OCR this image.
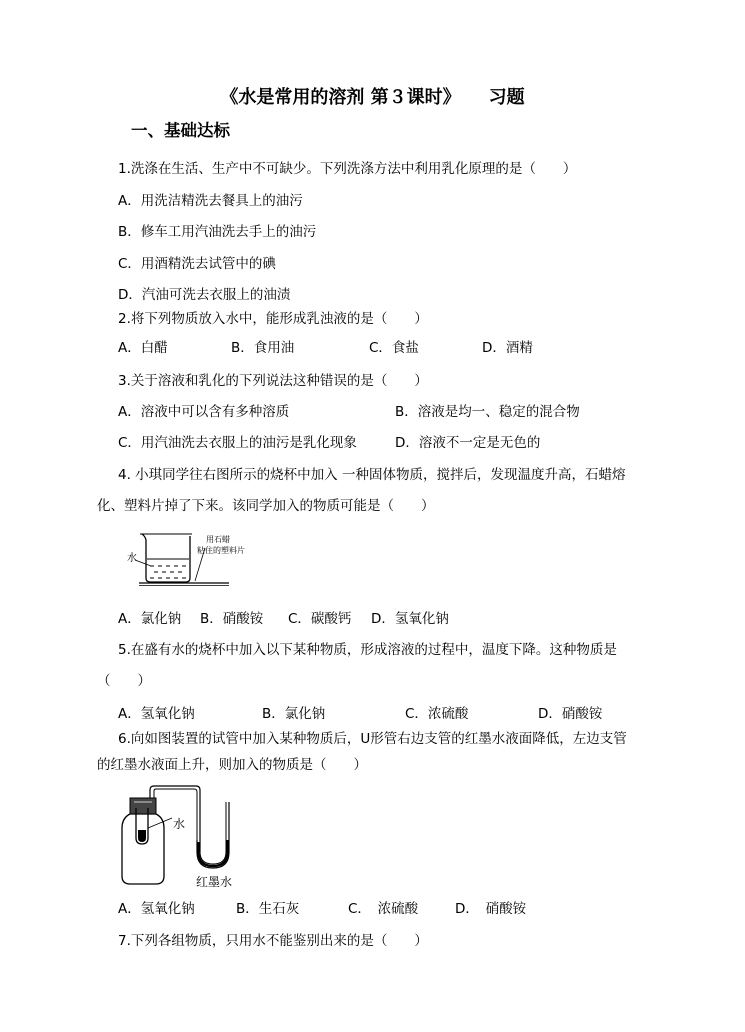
《水是常用的溶剂 第３课时》 习题
一、基础达标
1.洗涤在生活、生产中不可缺少。下列洗涤方法中利用乳化原理的是（　　）
A．用洗洁精洗去餐具上的油污
B．修车工用汽油洗去手上的油污
C．用酒精洗去试管中的碘
D．汽油可洗去衣服上的油渍
2.将下列物质放入水中，能形成乳浊液的是（　　）
A．白醋	B．食用油	C．食盐	D．酒精
3.关于溶液和乳化的下列说法这种错误的是（　　）
A．溶液中可以含有多种溶质	B．溶液是均一、稳定的混合物
C．用汽油洗去衣服上的油污是乳化现象	D．溶液不一定是无色的
4. 小琪同学往右图所示的烧杯中加入 一种固体物质，搅拌后，发现温度升高，石蜡熔
化、塑料片掉了下来。该同学加入的物质可能是（　　）
水
用石蜡
粘住的塑料片
A．氯化钠 B．硝酸铵 C．碳酸钙 D．氢氧化钠
5.在盛有水的烧杯中加入以下某种物质，形成溶液的过程中，温度下降。这种物质是
（　　）
A．氢氧化钠	B．氯化钠	C．浓硫酸	D．硝酸铵
6.向如图装置的试管中加入某种物质后，U形管右边支管的红墨水液面降低，左边支管
的红墨水液面上升，则加入的物质是（　　）
水
红墨水
A．氢氧化钠	B．生石灰	C．　浓硫酸	D．　硝酸铵
7.下列各组物质，只用水不能鉴别出来的是（　　）
